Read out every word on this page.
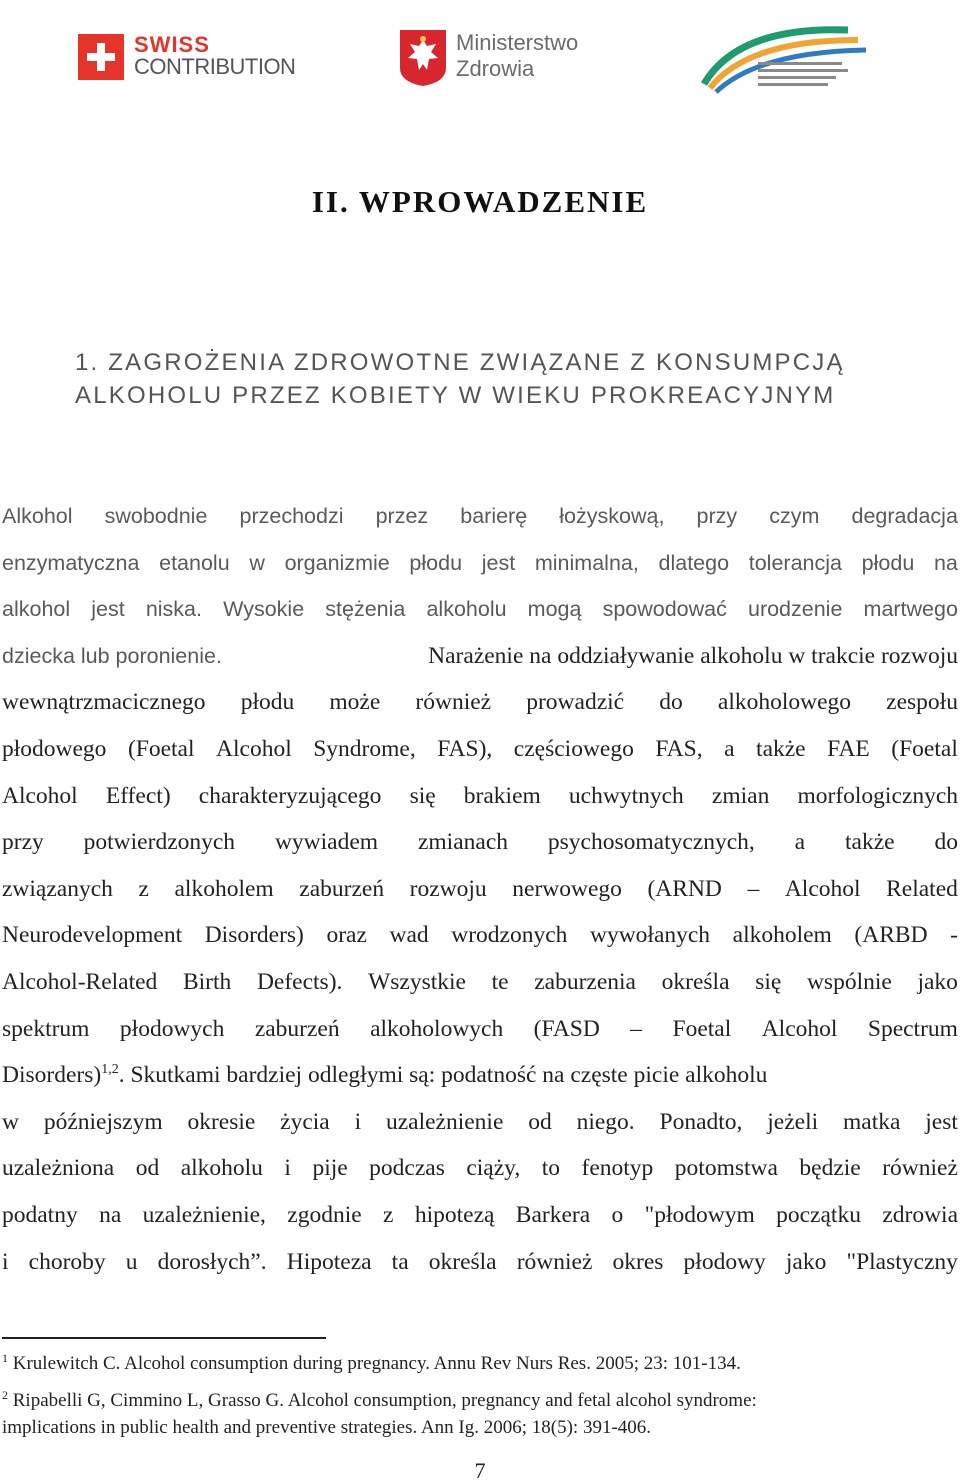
SWISS
CONTRIBUTION
Ministerstwo
Zdrowia
II. WPROWADZENIE
1. ZAGROŻENIA ZDROWOTNE ZWIĄZANE Z KONSUMPCJĄ
ALKOHOLU PRZEZ KOBIETY W WIEKU PROKREACYJNYM
Alkohol swobodnie przechodzi przez barierę łożyskową, przy czym degradacja
enzymatyczna etanolu w organizmie płodu jest minimalna, dlatego tolerancja płodu na
alkohol jest niska. Wysokie stężenia alkoholu mogą spowodować urodzenie martwego
dziecka lub poronienie.	Narażenie na oddziaływanie alkoholu w trakcie rozwoju
wewnątrzmacicznego płodu może również prowadzić do alkoholowego zespołu
płodowego (Foetal Alcohol Syndrome, FAS), częściowego FAS, a także FAE (Foetal
Alcohol Effect) charakteryzującego się brakiem uchwytnych zmian morfologicznych
przy potwierdzonych wywiadem zmianach psychosomatycznych, a także do
związanych z alkoholem zaburzeń rozwoju nerwowego (ARND – Alcohol Related
Neurodevelopment Disorders) oraz wad wrodzonych wywołanych alkoholem (ARBD -
Alcohol-Related Birth Defects). Wszystkie te zaburzenia określa się wspólnie jako
spektrum płodowych zaburzeń alkoholowych (FASD – Foetal Alcohol Spectrum
Disorders)$^{1,2}$. Skutkami bardziej odległymi są: podatność na częste picie alkoholu
w późniejszym okresie życia i uzależnienie od niego. Ponadto, jeżeli matka jest
uzależniona od alkoholu i pije podczas ciąży, to fenotyp potomstwa będzie również
podatny na uzależnienie, zgodnie z hipotezą Barkera o "płodowym początku zdrowia
i choroby u dorosłych”. Hipoteza ta określa również okres płodowy jako "Plastyczny
$^1$ Krulewitch C. Alcohol consumption during pregnancy. Annu Rev Nurs Res. 2005; 23: 101-134.
$^2$ Ripabelli G, Cimmino L, Grasso G. Alcohol consumption, pregnancy and fetal alcohol syndrome:
implications in public health and preventive strategies. Ann Ig. 2006; 18(5): 391-406.
7
